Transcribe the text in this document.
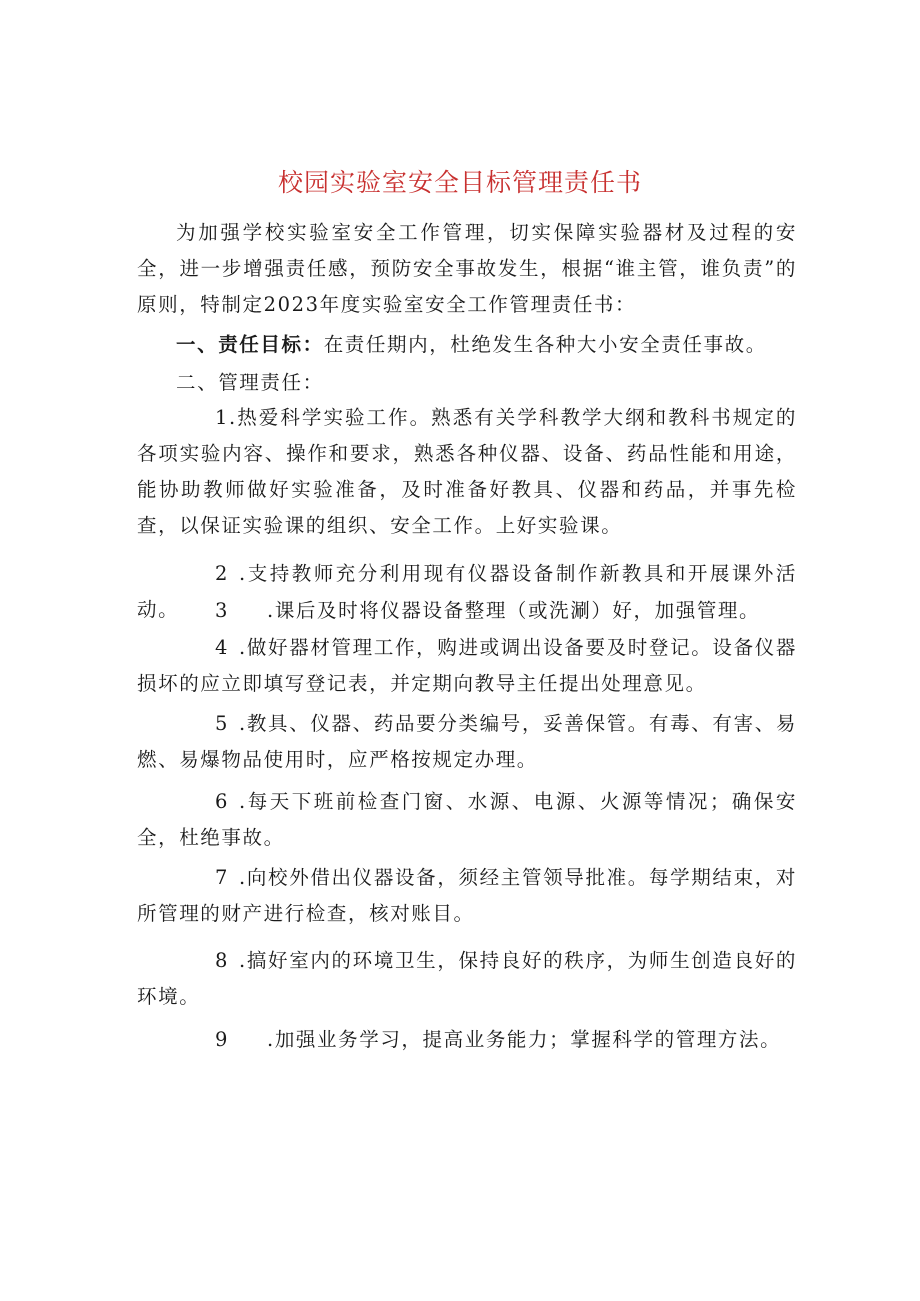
校园实验室安全目标管理责任书
为加强学校实验室安全工作管理，切实保障实验器材及过程的安全，进一步增强责任感，预防安全事故发生，根据“谁主管，谁负责”的原则，特制定2023年度实验室安全工作管理责任书：
一、责任目标：在责任期内，杜绝发生各种大小安全责任事故。
二、管理责任：
1.热爱科学实验工作。熟悉有关学科教学大纲和教科书规定的各项实验内容、操作和要求，熟悉各种仪器、设备、药品性能和用途，能协助教师做好实验准备，及时准备好教具、仪器和药品，并事先检查，以保证实验课的组织、安全工作。上好实验课。
2 .支持教师充分利用现有仪器设备制作新教具和开展课外活动。	3 .课后及时将仪器设备整理（或洗涮）好，加强管理。
4 .做好器材管理工作，购进或调出设备要及时登记。设备仪器损坏的应立即填写登记表，并定期向教导主任提出处理意见。
5 .教具、仪器、药品要分类编号，妥善保管。有毒、有害、易燃、易爆物品使用时，应严格按规定办理。
6 .每天下班前检查门窗、水源、电源、火源等情况；确保安全，杜绝事故。
7 .向校外借出仪器设备，须经主管领导批准。每学期结束，对所管理的财产进行检查，核对账目。
8 .搞好室内的环境卫生，保持良好的秩序，为师生创造良好的环境。
9 .加强业务学习，提高业务能力；掌握科学的管理方法。
